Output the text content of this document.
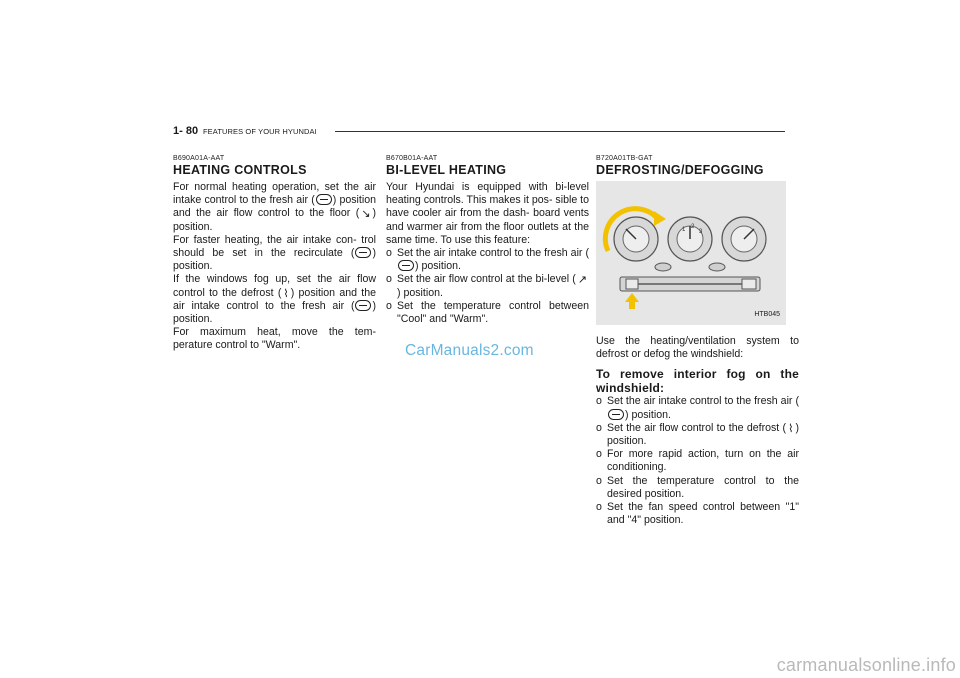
1- 80 FEATURES OF YOUR HYUNDAI
B690A01A-AAT
HEATING CONTROLS

For normal heating operation, set the air intake control to the fresh air ( ) position and the air flow control to the floor ( ↘ ) position.

For faster heating, the air intake con- trol should be set in the recirculate ( ) position.

If the windows fog up, set the air flow control to the defrost ( ⌇ ) position and the air intake control to the fresh air ( ) position.

For maximum heat, move the tem- perature control to "Warm".

B670B01A-AAT
BI-LEVEL HEATING

Your Hyundai is equipped with bi-level heating controls. This makes it pos- sible to have cooler air from the dash- board vents and warmer air from the floor outlets at the same time. To use this feature:

o Set the air intake control to the fresh air () position.
o Set the air flow control at the bi-level ( ↗) position.
o Set the temperature control between "Cool" and "Warm".
CarManuals2.com
B720A01TB-GAT
DEFROSTING/DEFOGGING
1 2
3
HTB045

Use the heating/ventilation system to defrost or defog the windshield:

To remove interior fog on the windshield:
o Set the air intake control to the fresh air () position.
o Set the air flow control to the defrost ( ⌇ ) position.
o For more rapid action, turn on the air conditioning.
o Set the temperature control to the desired position.
o Set the fan speed control between "1" and "4" position.
carmanualsonline.info
